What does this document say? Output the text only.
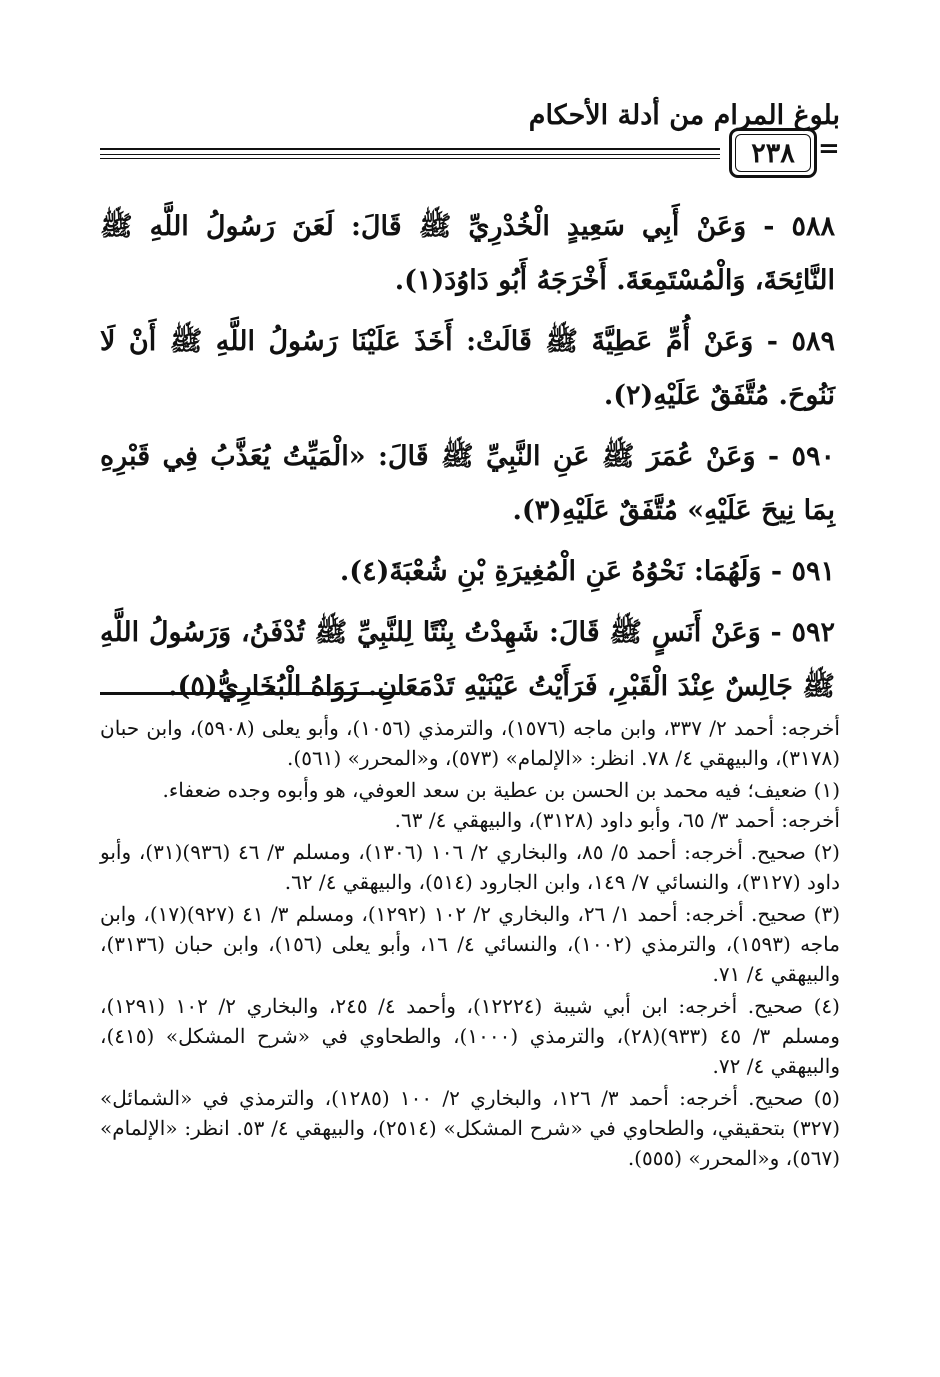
بلوغ المرام من أدلة الأحكام
٢٣٨ =

٥٨٨ - وَعَنْ أَبِي سَعِيدٍ الْخُدْرِيِّ ﷺ قَالَ: لَعَنَ رَسُولُ اللَّهِ ﷺ النَّائِحَةَ، وَالْمُسْتَمِعَةَ. أَخْرَجَهُ أَبُو دَاوُدَ(١).

٥٨٩ - وَعَنْ أُمِّ عَطِيَّةَ ﷺ قَالَتْ: أَخَذَ عَلَيْنَا رَسُولُ اللَّهِ ﷺ أَنْ لَا نَنُوحَ. مُتَّفَقٌ عَلَيْهِ(٢).

٥٩٠ - وَعَنْ عُمَرَ ﷺ عَنِ النَّبِيِّ ﷺ قَالَ: «الْمَيِّتُ يُعَذَّبُ فِي قَبْرِهِ بِمَا نِيحَ عَلَيْهِ» مُتَّفَقٌ عَلَيْهِ(٣).

٥٩١ - وَلَهُمَا: نَحْوُهُ عَنِ الْمُغِيرَةِ بْنِ شُعْبَةَ(٤).

٥٩٢ - وَعَنْ أَنَسٍ ﷺ قَالَ: شَهِدْتُ بِنْتًا لِلنَّبِيِّ ﷺ تُدْفَنُ، وَرَسُولُ اللَّهِ ﷺ جَالِسٌ عِنْدَ الْقَبْرِ، فَرَأَيْتُ عَيْنَيْهِ تَدْمَعَانِ. رَوَاهُ الْبُخَارِيُّ(٥).

أخرجه: أحمد ٢/ ٣٣٧، وابن ماجه (١٥٧٦)، والترمذي (١٠٥٦)، وأبو يعلى (٥٩٠٨)، وابن حبان (٣١٧٨)، والبيهقي ٤/ ٧٨. انظر: «الإلمام» (٥٧٣)، و«المحرر» (٥٦١).

(١) ضعيف؛ فيه محمد بن الحسن بن عطية بن سعد العوفي، هو وأبوه وجده ضعفاء.

أخرجه: أحمد ٣/ ٦٥، وأبو داود (٣١٢٨)، والبيهقي ٤/ ٦٣.

(٢) صحيح. أخرجه: أحمد ٥/ ٨٥، والبخاري ٢/ ١٠٦ (١٣٠٦)، ومسلم ٣/ ٤٦ (٩٣٦)(٣١)، وأبو داود (٣١٢٧)، والنسائي ٧/ ١٤٩، وابن الجارود (٥١٤)، والبيهقي ٤/ ٦٢.

(٣) صحيح. أخرجه: أحمد ١/ ٢٦، والبخاري ٢/ ١٠٢ (١٢٩٢)، ومسلم ٣/ ٤١ (٩٢٧)(١٧)، وابن ماجه (١٥٩٣)، والترمذي (١٠٠٢)، والنسائي ٤/ ١٦، وأبو يعلى (١٥٦)، وابن حبان (٣١٣٦)، والبيهقي ٤/ ٧١.

(٤) صحيح. أخرجه: ابن أبي شيبة (١٢٢٢٤)، وأحمد ٤/ ٢٤٥، والبخاري ٢/ ١٠٢ (١٢٩١)، ومسلم ٣/ ٤٥ (٩٣٣)(٢٨)، والترمذي (١٠٠٠)، والطحاوي في «شرح المشكل» (٤١٥)، والبيهقي ٤/ ٧٢.

(٥) صحيح. أخرجه: أحمد ٣/ ١٢٦، والبخاري ٢/ ١٠٠ (١٢٨٥)، والترمذي في «الشمائل» (٣٢٧) بتحقيقي، والطحاوي في «شرح المشكل» (٢٥١٤)، والبيهقي ٤/ ٥٣. انظر: «الإلمام» (٥٦٧)، و«المحرر» (٥٥٥).
